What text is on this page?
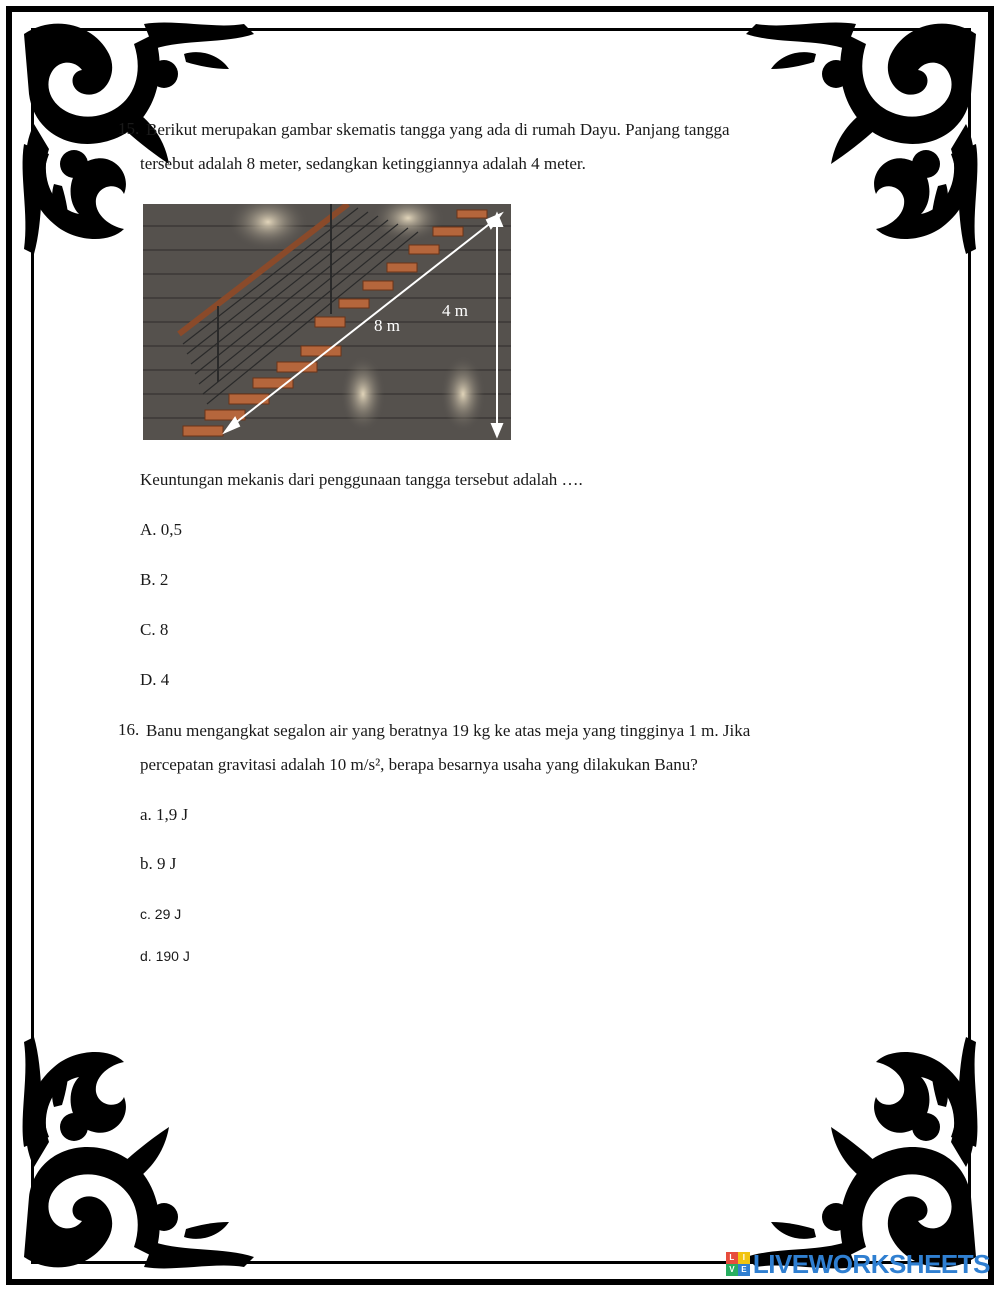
15. Berikut merupakan gambar skematis tangga yang ada di rumah Dayu. Panjang tangga
tersebut adalah 8 meter, sedangkan ketinggiannya adalah 4 meter.
8 m
4 m
Keuntungan mekanis dari penggunaan tangga tersebut adalah ….
A. 0,5
B. 2
C. 8
D. 4
16. Banu mengangkat segalon air yang beratnya 19 kg ke atas meja yang tingginya 1 m. Jika
percepatan gravitasi adalah 10 m/s², berapa besarnya usaha yang dilakukan Banu?
a. 1,9 J
b. 9 J
c. 29 J
d. 190 J
L	I
V E LIVEWORKSHEETS
